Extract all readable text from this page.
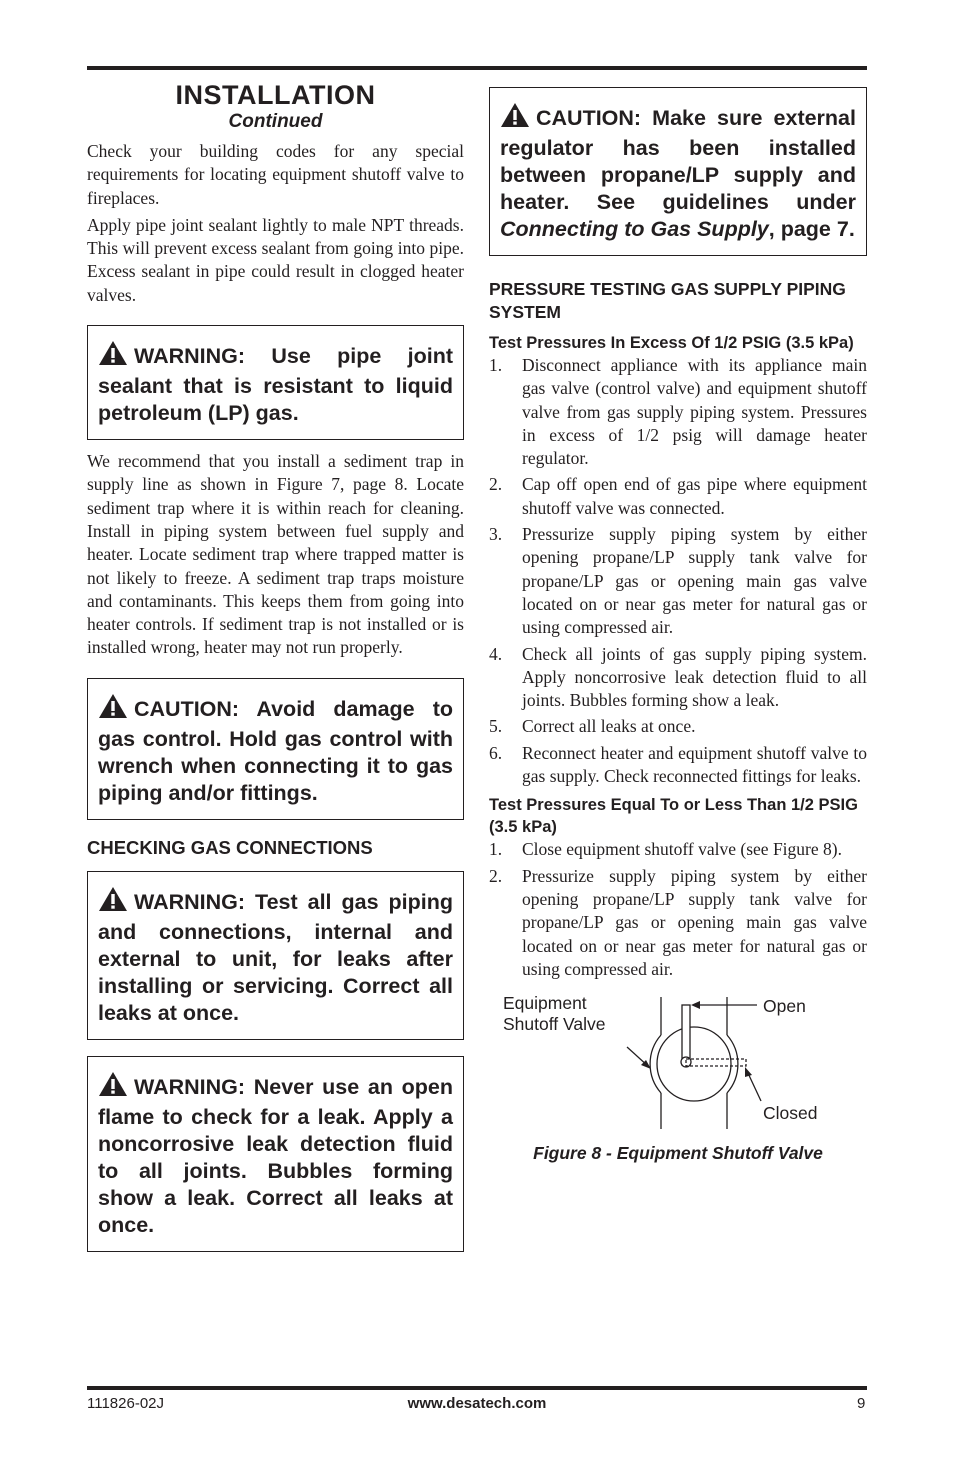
INSTALLATION
Continued

Check your building codes for any special requirements for locating equipment shutoff valve to fireplaces.

Apply pipe joint sealant lightly to male NPT threads. This will prevent excess sealant from going into pipe. Excess sealant in pipe could result in clogged heater valves.

WARNING: Use pipe joint sealant that is resistant to liquid petroleum (LP) gas.

We recommend that you install a sediment trap in supply line as shown in Figure 7, page 8. Locate sediment trap where it is within reach for cleaning. Install in piping system between fuel supply and heater. Locate sediment trap where trapped matter is not likely to freeze. A sediment trap traps moisture and contaminants. This keeps them from going into heater controls. If sediment trap is not installed or is installed wrong, heater may not run properly.

CAUTION: Avoid damage to gas control. Hold gas control with wrench when connecting it to gas piping and/or fittings.
CHECKING GAS CONNECTIONS
WARNING: Test all gas piping and connections, internal and external to unit, for leaks after installing or servicing. Correct all leaks at once.
WARNING: Never use an open flame to check for a leak. Apply a noncorrosive leak detection fluid to all joints. Bubbles forming show a leak. Correct all leaks at once.
CAUTION: Make sure external regulator has been installed between propane/LP supply and heater. See guidelines under Connecting to Gas Supply, page 7.
PRESSURE TESTING GAS SUPPLY PIPING SYSTEM
Test Pressures In Excess Of 1/2 PSIG (3.5 kPa)
1. Disconnect appliance with its appliance main gas valve (control valve) and equipment shutoff valve from gas supply piping system. Pressures in excess of 1/2 psig will damage heater regulator.
2. Cap off open end of gas pipe where equipment shutoff valve was connected.
3. Pressurize supply piping system by either opening propane/LP supply tank valve for propane/LP gas or opening main gas valve located on or near gas meter for natural gas or using compressed air.
4. Check all joints of gas supply piping system. Apply noncorrosive leak detection fluid to all joints. Bubbles forming show a leak.
5. Correct all leaks at once.
6. Reconnect heater and equipment shutoff valve to gas supply. Check reconnected fittings for leaks.
Test Pressures Equal To or Less Than 1/2 PSIG (3.5 kPa)
1. Close equipment shutoff valve (see Figure 8).
2. Pressurize supply piping system by either opening propane/LP supply tank valve for propane/LP gas or opening main gas valve located on or near gas meter for natural gas or using compressed air.
Equipment
Shutoff Valve
Open
Closed
Figure 8 - Equipment Shutoff Valve
111826-02J	www.desatech.com	9
